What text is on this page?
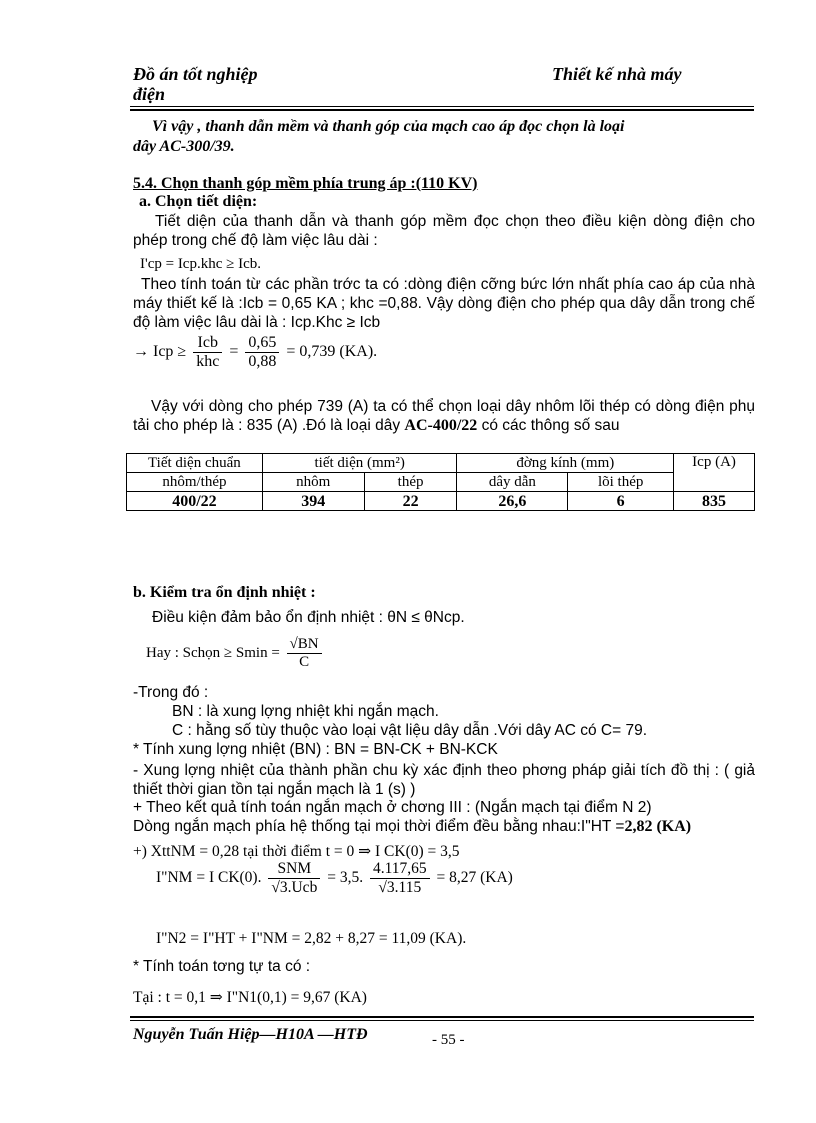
Đồ án tốt nghiệp
điện
Thiết kế nhà máy
Vì vậy , thanh dẫn mềm và thanh góp của mạch cao áp đọc chọn là loại
dây AC-300/39.
5.4. Chọn thanh góp mềm phía trung áp :(110 KV)
a. Chọn tiết diện:
Tiết diện của thanh dẫn và thanh góp mềm đọc chọn theo điều kiện dòng điện cho phép trong chế độ làm việc lâu dài :
I'cp = Icp.khc ≥ Icb.
Theo tính toán từ các phần trớc ta có :dòng điện cỡng bức lớn nhất phía cao áp của nhà máy thiết kế là :Icb = 0,65 KA ; khc =0,88. Vậy dòng điện cho phép qua dây dẫn trong chế độ làm việc lâu dài là : Icp.Khc ≥ Icb
→ Icp ≥ $\frac{\text{Icb}}{\text{khc}} = \frac{0,65}{0,88} = 0,739$ (KA).
Vậy với dòng cho phép 739 (A) ta có thể chọn loại dây nhôm lõi thép có dòng điện phụ tải cho phép là : 835 (A) .Đó là loại dây AC-400/22 có các thông số sau
Tiết diện chuẩn	tiết diện (mm²)		đờng kính (mm)		Icp (A)
nhôm/thép	nhôm	thép	dây dẫn	lõi thép	
400/22	394	22	26,6	6	835
b. Kiểm tra ổn định nhiệt :
Điều kiện đảm bảo ổn định nhiệt : θN ≤ θNcp.
Hay : Schọn ≥ $Smin = \frac{√BN}{C}$
-Trong đó :
BN : là xung lợng nhiệt khi ngắn mạch.
C : hằng số tùy thuộc vào loại vật liệu dây dẫn .Với dây AC có C= 79.
* Tính xung lợng nhiệt (BN) : BN = BN-CK + BN-KCK
- Xung lợng nhiệt của thành phần chu kỳ xác định theo phơng pháp giải tích đồ thị : ( giả thiết thời gian tồn tại ngắn mạch là 1 (s) )
+ Theo kết quả tính toán ngắn mạch ở chơng III : (Ngắn mạch tại điểm N 2)
Dòng ngắn mạch phía hệ thống tại mọi thời điểm đều bằng nhau:I"HT =2,82 (KA)
+) XttNM = 0,28 tại thời điểm t = 0 ⇒ I CK(0) = 3,5
I"NM = I CK(0). $\frac{\text{SNM}}{\text{√3.Ucb}} = 3,5$. $\frac{4.117,65}{√3.115} = 8,27$ (KA)
I"N2 = I"HT + I"NM = 2,82 + 8,27 = 11,09 (KA).
* Tính toán tơng tự ta có :
Tại : t = 0,1 ⇒ I"N1(0,1) = 9,67 (KA)
Nguyễn Tuấn Hiệp—H10A —HTĐ	- 55 -
